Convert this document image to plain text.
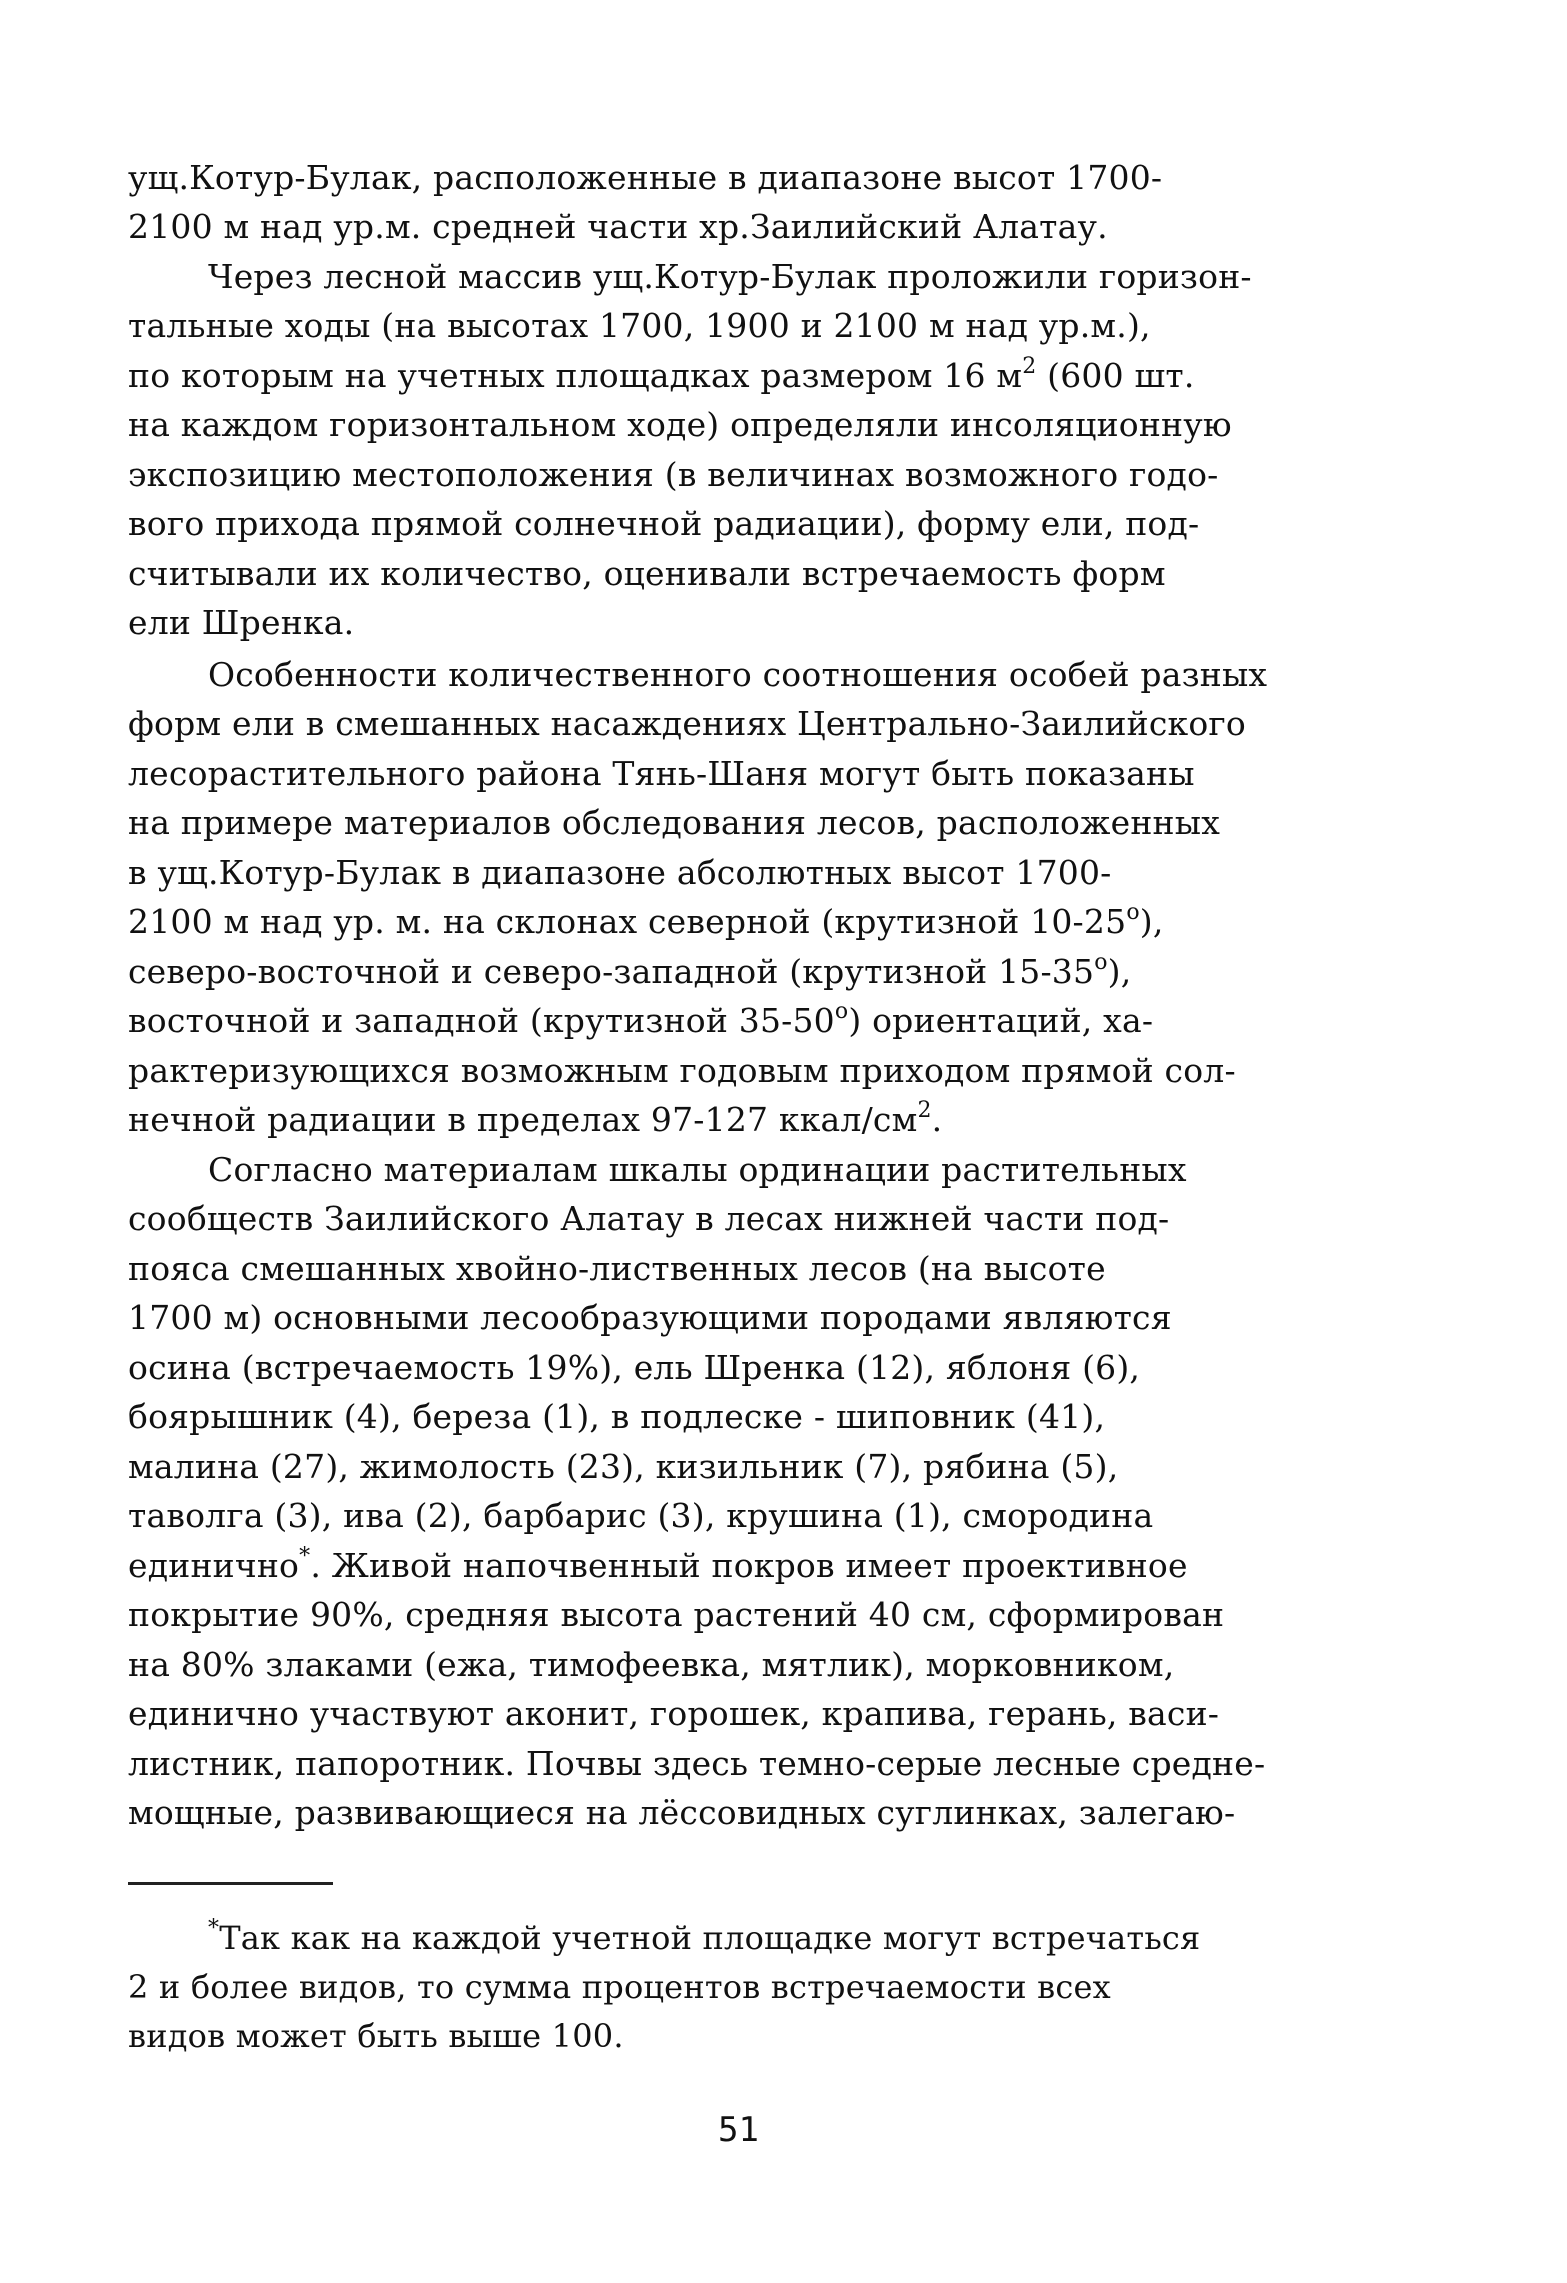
ущ.Котур-Булак, расположенные в диапазоне высот 1700-
2100 м над ур.м. средней части хр.Заилийский Алатау.
Через лесной массив ущ.Котур-Булак проложили горизон-
тальные ходы (на высотах 1700, 1900 и 2100 м над ур.м.),
по которым на учетных площадках размером 16 $м^2$ (600 шт.
на каждом горизонтальном ходе) определяли инсоляционную
экспозицию местоположения (в величинах возможного годо-
вого прихода прямой солнечной радиации), форму ели, под-
считывали их количество, оценивали встречаемость форм
ели Шренка.
Особенности количественного соотношения особей разных
форм ели в смешанных насаждениях Центрально-Заилийского
лесорастительного района Тянь-Шаня могут быть показаны
на примере материалов обследования лесов, расположенных
в ущ.Котур-Булак в диапазоне абсолютных высот 1700-
2100 м над ур. м. на склонах северной (крутизной 10-25$^o$),
северо-восточной и северо-западной (крутизной 15-35$^o$),
восточной и западной (крутизной 35-50$^o$) ориентаций, ха-
рактеризующихся возможным годовым приходом прямой сол-
нечной радиации в пределах 97-127 ккал/$см^2$.
Согласно материалам шкалы ординации растительных
сообществ Заилийского Алатау в лесах нижней части под-
пояса смешанных хвойно-лиственных лесов (на высоте
1700 м) основными лесообразующими породами являются
осина (встречаемость 19%), ель Шренка (12), яблоня (6),
боярышник (4), береза (1), в подлеске - шиповник (41),
малина (27), жимолость (23), кизильник (7), рябина (5),
таволга (3), ива (2), барбарис (3), крушина (1), смородина
единично*. Живой напочвенный покров имеет проективное
покрытие 90%, средняя высота растений 40 см, сформирован
на 80% злаками (ежа, тимофеевка, мятлик), морковником,
единично участвуют аконит, горошек, крапива, герань, васи-
листник, папоротник. Почвы здесь темно-серые лесные средне-
мощные, развивающиеся на лёссовидных суглинках, залегаю-
*Так как на каждой учетной площадке могут встречаться
2 и более видов, то сумма процентов встречаемости всех
видов может быть выше 100.
51
